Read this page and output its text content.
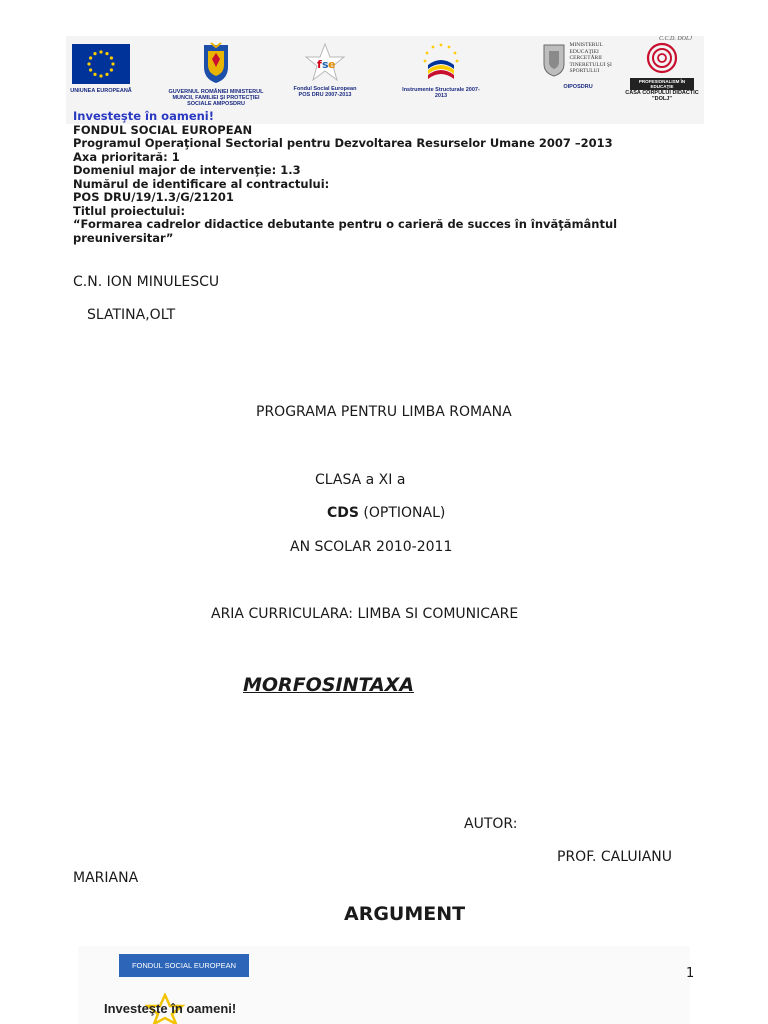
UNIUNEA EUROPEANĂ	GUVERNUL ROMÂNIEI MINISTERUL MUNCII, FAMILIEI ŞI PROTECŢIEI SOCIALE AMPOSDRU
f s e
Fondul Social European POS DRU 2007-2013
Instrumente Structurale 2007-2013
MINISTERUL EDUCAŢIEI CERCETĂRII TINERETULUI ŞI SPORTULUI
OIPOSDRU
C.C.D. DOLJ
PROFESIONALISM ÎN EDUCAŢIE
CASA CORPULUI DIDACTIC "DOLJ"
Investeşte în oameni!
FONDUL SOCIAL EUROPEAN
Programul Operaţional Sectorial pentru Dezvoltarea Resurselor Umane 2007 –2013
Axa prioritară: 1
Domeniul major de intervenţie: 1.3
Numărul de identificare al contractului:
POS DRU/19/1.3/G/21201
Titlul proiectului:
“Formarea cadrelor didactice debutante pentru o carieră de succes în învăţământul
preuniversitar”
C.N. ION MINULESCU
SLATINA,OLT
PROGRAMA PENTRU LIMBA ROMANA
CLASA a XI a
CDS (OPTIONAL)
AN SCOLAR 2010-2011
ARIA CURRICULARA: LIMBA SI COMUNICARE
MORFOSINTAXA
AUTOR:
PROF. CALUIANU
MARIANA
ARGUMENT
FONDUL SOCIAL EUROPEAN
Investeşte în oameni!
1
